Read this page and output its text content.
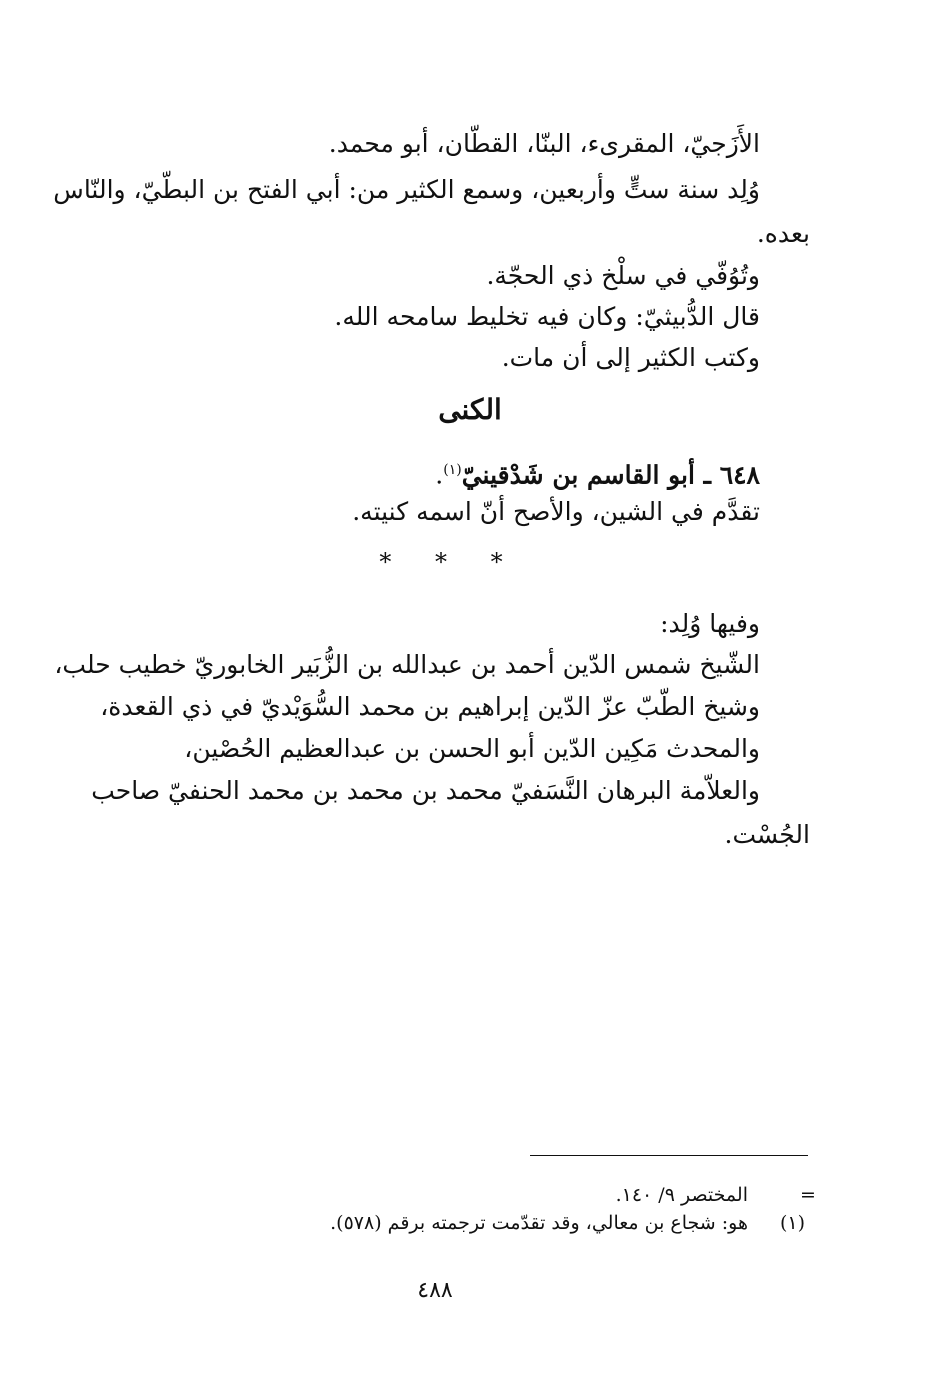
الأَزَجيّ، المقرىء، البنّا، القطّان، أبو محمد.
وُلِد سنة ستٍّ وأربعين، وسمع الكثير من: أبي الفتح بن البطّيّ، والنّاس
بعده.
وتُوُفّي في سلْخ ذي الحجّة.
قال الدُّبيثيّ: وكان فيه تخليط سامحه الله.
وكتب الكثير إلى أن مات.
الكنى
٦٤٨ ـ أبو القاسم بن شَدْقينيّ$^{(١)}$.
تقدَّم في الشين، والأصح أنّ اسمه كنيته.
* * *
وفيها وُلِد:
الشّيخ شمس الدّين أحمد بن عبدالله بن الزُّبَير الخابوريّ خطيب حلب،
وشيخ الطّبّ عزّ الدّين إبراهيم بن محمد السُّوَيْديّ في ذي القعدة،
والمحدث مَكِين الدّين أبو الحسن بن عبدالعظيم الحُصْين،
والعلاّمة البرهان النَّسَفيّ محمد بن محمد بن محمد الحنفيّ صاحب
الجُسْت.
=
المختصر ٩/ ١٤٠.
(١)
هو: شجاع بن معالي، وقد تقدّمت ترجمته برقم (٥٧٨).
٤٨٨
